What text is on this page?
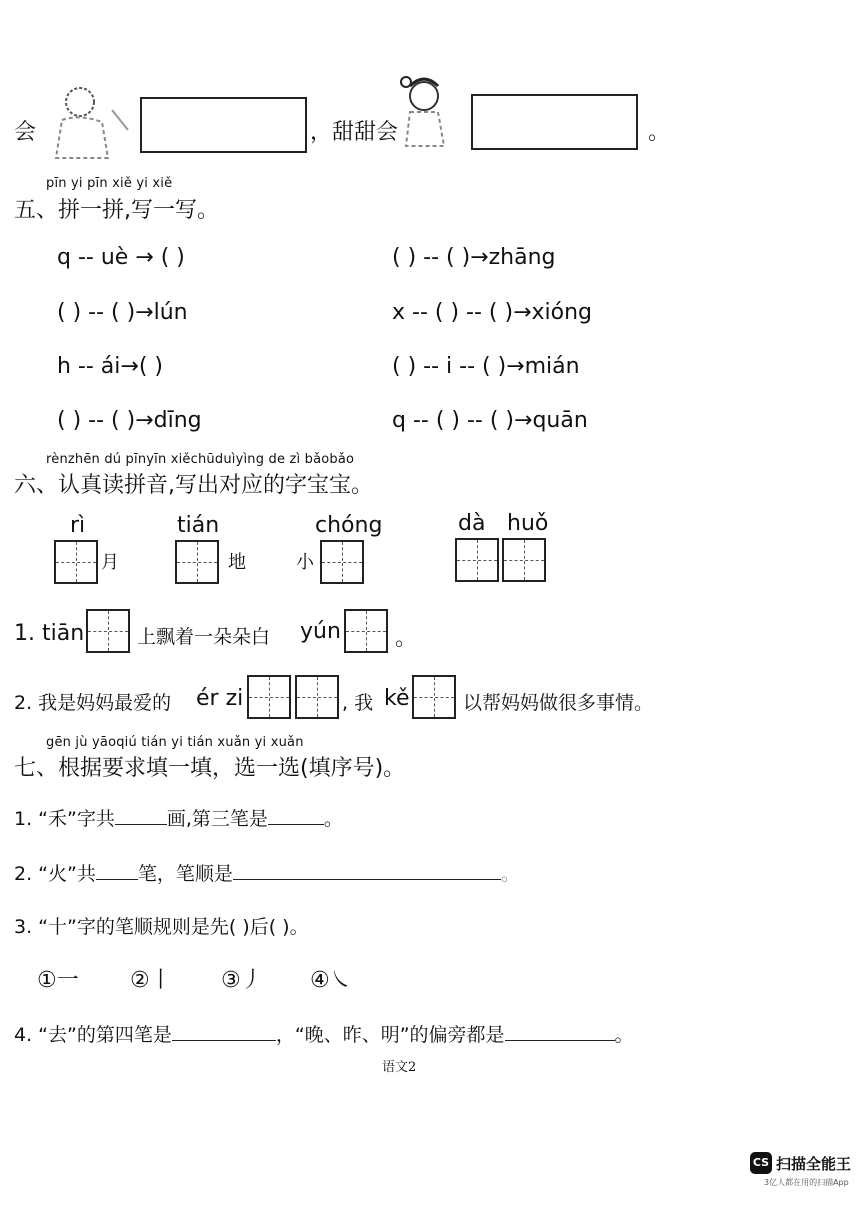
会	，甜甜会	。
pīn yi pīn xiě yi xiě
五、拼一拼,写一写。
q -- uè → ( )	( ) -- ( )→zhāng
( ) -- ( )→lún	x -- ( ) -- ( )→xióng
h -- ái→( )	( ) -- i -- ( )→mián
( ) -- ( )→dīng	q -- ( ) -- ( )→quān
rènzhēn dú pīnyīn xiěchūduìyìng de zì bǎobǎo
六、认真读拼音,写出对应的字宝宝。
rì
月
tián
地
chóng
小
dà huǒ
1. tiān	上飘着一朵朵白 yún 。
2. 我是妈妈最爱的 ér zi	, 我 kě	以帮妈妈做很多事情。
gēn jù yāoqiú tián yi tián xuǎn yi xuǎn
七、根据要求填一填，选一选(填序号)。
1. “禾”字共	画,第三笔是	。
2. “火”共 笔，笔顺是	。
3. “十”字的笔顺规则是先( )后( )。
①一 ②丨 ③丿 ④㇏
4. “去”的第四笔是	，“晚、昨、明”的偏旁都是	。
语文2
CS 扫描全能王
3亿人都在用的扫描App
